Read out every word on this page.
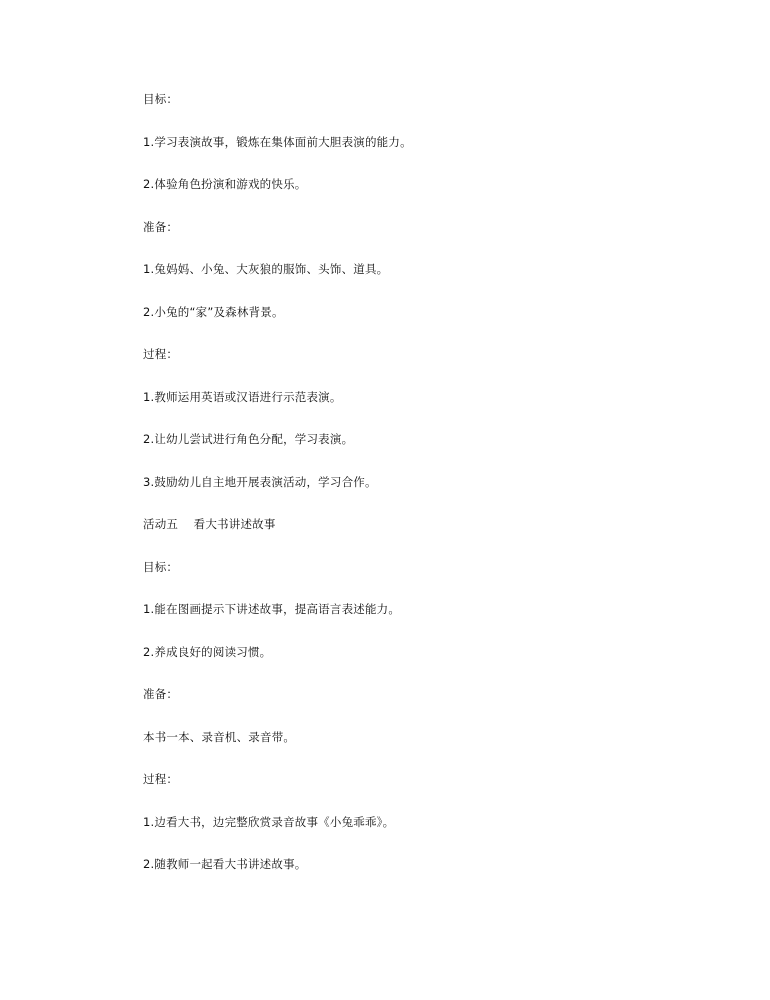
目标：
1.学习表演故事，锻炼在集体面前大胆表演的能力。
2.体验角色扮演和游戏的快乐。
准备：
1.兔妈妈、小兔、大灰狼的服饰、头饰、道具。
2.小兔的“家”及森林背景。
过程：
1.教师运用英语或汉语进行示范表演。
2.让幼儿尝试进行角色分配，学习表演。
3.鼓励幼儿自主地开展表演活动，学习合作。
活动五　 看大书讲述故事
目标：
1.能在图画提示下讲述故事，提高语言表述能力。
2.养成良好的阅读习惯。
准备：
本书一本、录音机、录音带。
过程：
1.边看大书，边完整欣赏录音故事《小兔乖乖》。
2.随教师一起看大书讲述故事。
